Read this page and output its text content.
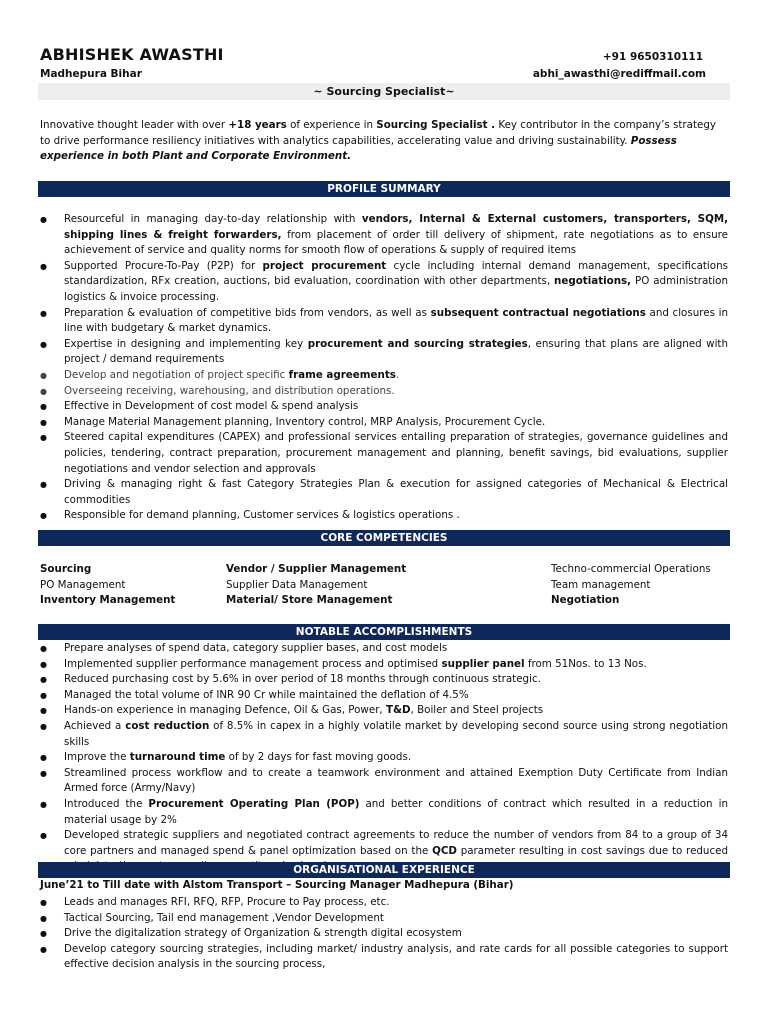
ABHISHEK AWASTHI	+91 9650310111
Madhepura Bihar	abhi_awasthi@rediffmail.com
~ Sourcing Specialist~
Innovative thought leader with over +18 years of experience in Sourcing Specialist . Key contributor in the company’s strategy to drive performance resiliency initiatives with analytics capabilities, accelerating value and driving sustainability. Possess experience in both Plant and Corporate Environment.
PROFILE SUMMARY
● Resourceful in managing day-to-day relationship with vendors, Internal & External customers, transporters, SQM, shipping lines & freight forwarders, from placement of order till delivery of shipment, rate negotiations as to ensure achievement of service and quality norms for smooth flow of operations & supply of required items
● Supported Procure-To-Pay (P2P) for project procurement cycle including internal demand management, specifications standardization, RFx creation, auctions, bid evaluation, coordination with other departments, negotiations, PO administration logistics & invoice processing.
● Preparation & evaluation of competitive bids from vendors, as well as subsequent contractual negotiations and closures in line with budgetary & market dynamics.
● Expertise in designing and implementing key procurement and sourcing strategies, ensuring that plans are aligned with project / demand requirements
● Develop and negotiation of project specific frame agreements.
● Overseeing receiving, warehousing, and distribution operations.
● Effective in Development of cost model & spend analysis
● Manage Material Management planning, Inventory control, MRP Analysis, Procurement Cycle.
● Steered capital expenditures (CAPEX) and professional services entailing preparation of strategies, governance guidelines and policies, tendering, contract preparation, procurement management and planning, benefit savings, bid evaluations, supplier negotiations and vendor selection and approvals
● Driving & managing right & fast Category Strategies Plan & execution for assigned categories of Mechanical & Electrical commodities
● Responsible for demand planning, Customer services & logistics operations .
CORE COMPETENCIES
Sourcing
PO Management
Inventory Management
Vendor / Supplier Management
Supplier Data Management
Material/ Store Management
Techno-commercial Operations
Team management
Negotiation
NOTABLE ACCOMPLISHMENTS
● Prepare analyses of spend data, category supplier bases, and cost models
● Implemented supplier performance management process and optimised supplier panel from 51Nos. to 13 Nos.
● Reduced purchasing cost by 5.6% in over period of 18 months through continuous strategic.
● Managed the total volume of INR 90 Cr while maintained the deflation of 4.5%
● Hands-on experience in managing Defence, Oil & Gas, Power, T&D, Boiler and Steel projects
● Achieved a cost reduction of 8.5% in capex in a highly volatile market by developing second source using strong negotiation skills
● Improve the turnaround time of by 2 days for fast moving goods.
● Streamlined process workflow and to create a teamwork environment and attained Exemption Duty Certificate from Indian Armed force (Army/Navy)
● Introduced the Procurement Operating Plan (POP) and better conditions of contract which resulted in a reduction in material usage by 2%
● Developed strategic suppliers and negotiated contract agreements to reduce the number of vendors from 84 to a group of 34 core partners and managed spend & panel optimization based on the QCD parameter resulting in cost savings due to reduced
ORGANISATIONAL EXPERIENCE
June’21 to Till date with Alstom Transport – Sourcing Manager Madhepura (Bihar)
● Leads and manages RFI, RFQ, RFP, Procure to Pay process, etc.
● Tactical Sourcing, Tail end management ,Vendor Development
● Drive the digitalization strategy of Organization & strength digital ecosystem
● Develop category sourcing strategies, including market/ industry analysis, and rate cards for all possible categories to support effective decision analysis in the sourcing process,
